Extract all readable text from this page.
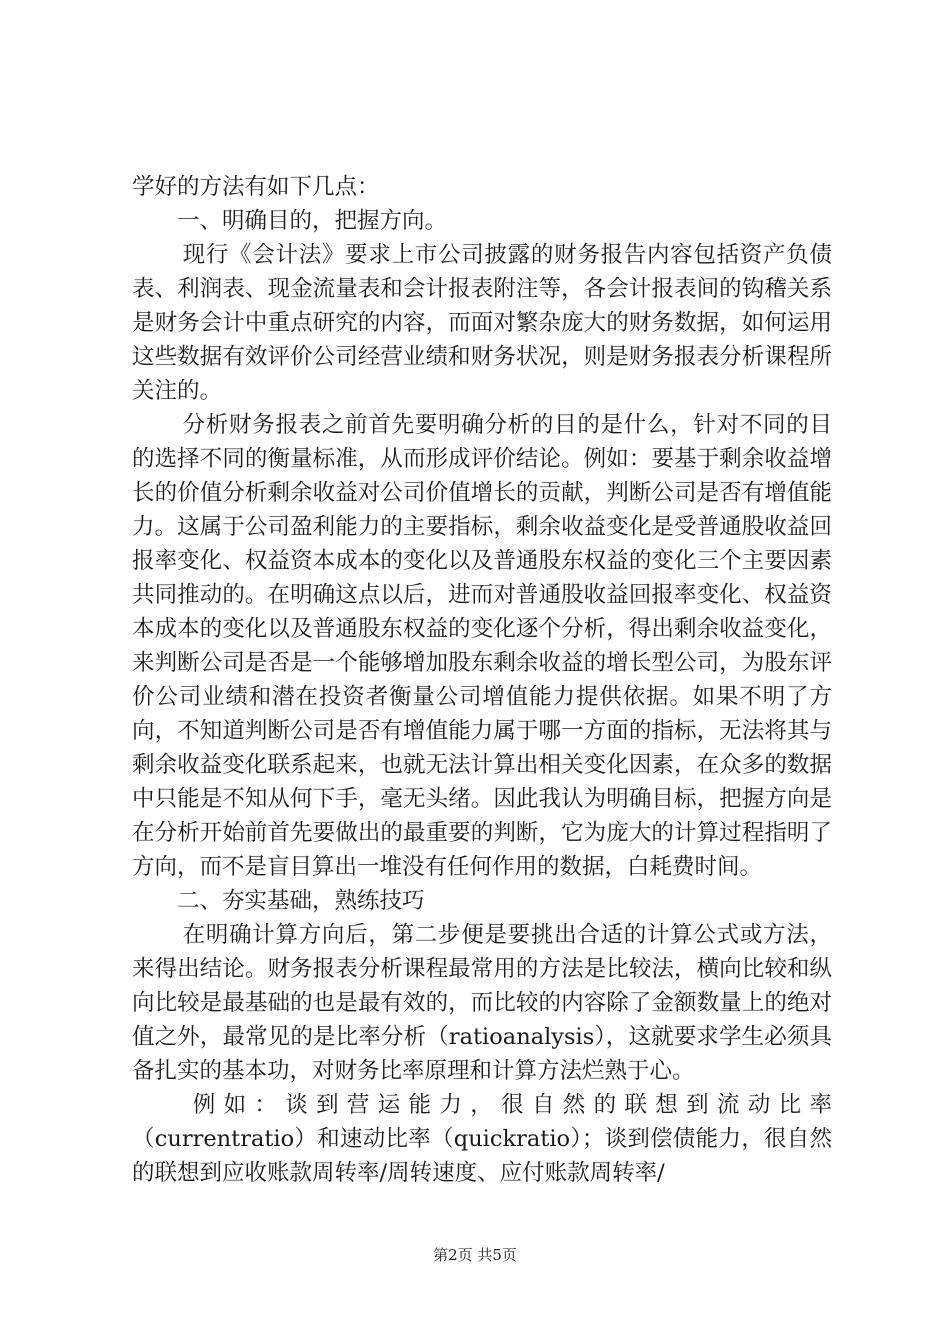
学好的方法有如下几点：

一、明确目的，把握方向。

现行《会计法》要求上市公司披露的财务报告内容包括资产负债表、利润表、现金流量表和会计报表附注等，各会计报表间的钩稽关系是财务会计中重点研究的内容，而面对繁杂庞大的财务数据，如何运用这些数据有效评价公司经营业绩和财务状况，则是财务报表分析课程所关注的。

分析财务报表之前首先要明确分析的目的是什么，针对不同的目的选择不同的衡量标准，从而形成评价结论。例如：要基于剩余收益增长的价值分析剩余收益对公司价值增长的贡献，判断公司是否有增值能力。这属于公司盈利能力的主要指标，剩余收益变化是受普通股收益回报率变化、权益资本成本的变化以及普通股东权益的变化三个主要因素共同推动的。在明确这点以后，进而对普通股收益回报率变化、权益资本成本的变化以及普通股东权益的变化逐个分析，得出剩余收益变化，来判断公司是否是一个能够增加股东剩余收益的增长型公司，为股东评价公司业绩和潜在投资者衡量公司增值能力提供依据。如果不明了方向，不知道判断公司是否有增值能力属于哪一方面的指标，无法将其与剩余收益变化联系起来，也就无法计算出相关变化因素，在众多的数据中只能是不知从何下手，毫无头绪。因此我认为明确目标，把握方向是在分析开始前首先要做出的最重要的判断，它为庞大的计算过程指明了方向，而不是盲目算出一堆没有任何作用的数据，白耗费时间。

二、夯实基础，熟练技巧

在明确计算方向后，第二步便是要挑出合适的计算公式或方法，来得出结论。财务报表分析课程最常用的方法是比较法，横向比较和纵向比较是最基础的也是最有效的，而比较的内容除了金额数量上的绝对值之外，最常见的是比率分析（ratioanalysis），这就要求学生必须具备扎实的基本功，对财务比率原理和计算方法烂熟于心。

例如：谈到营运能力，很自然的联想到流动比率（currentratio）和速动比率（quickratio）；谈到偿债能力，很自然的联想到应收账款周转率/周转速度、应付账款周转率/

第2页 共5页
